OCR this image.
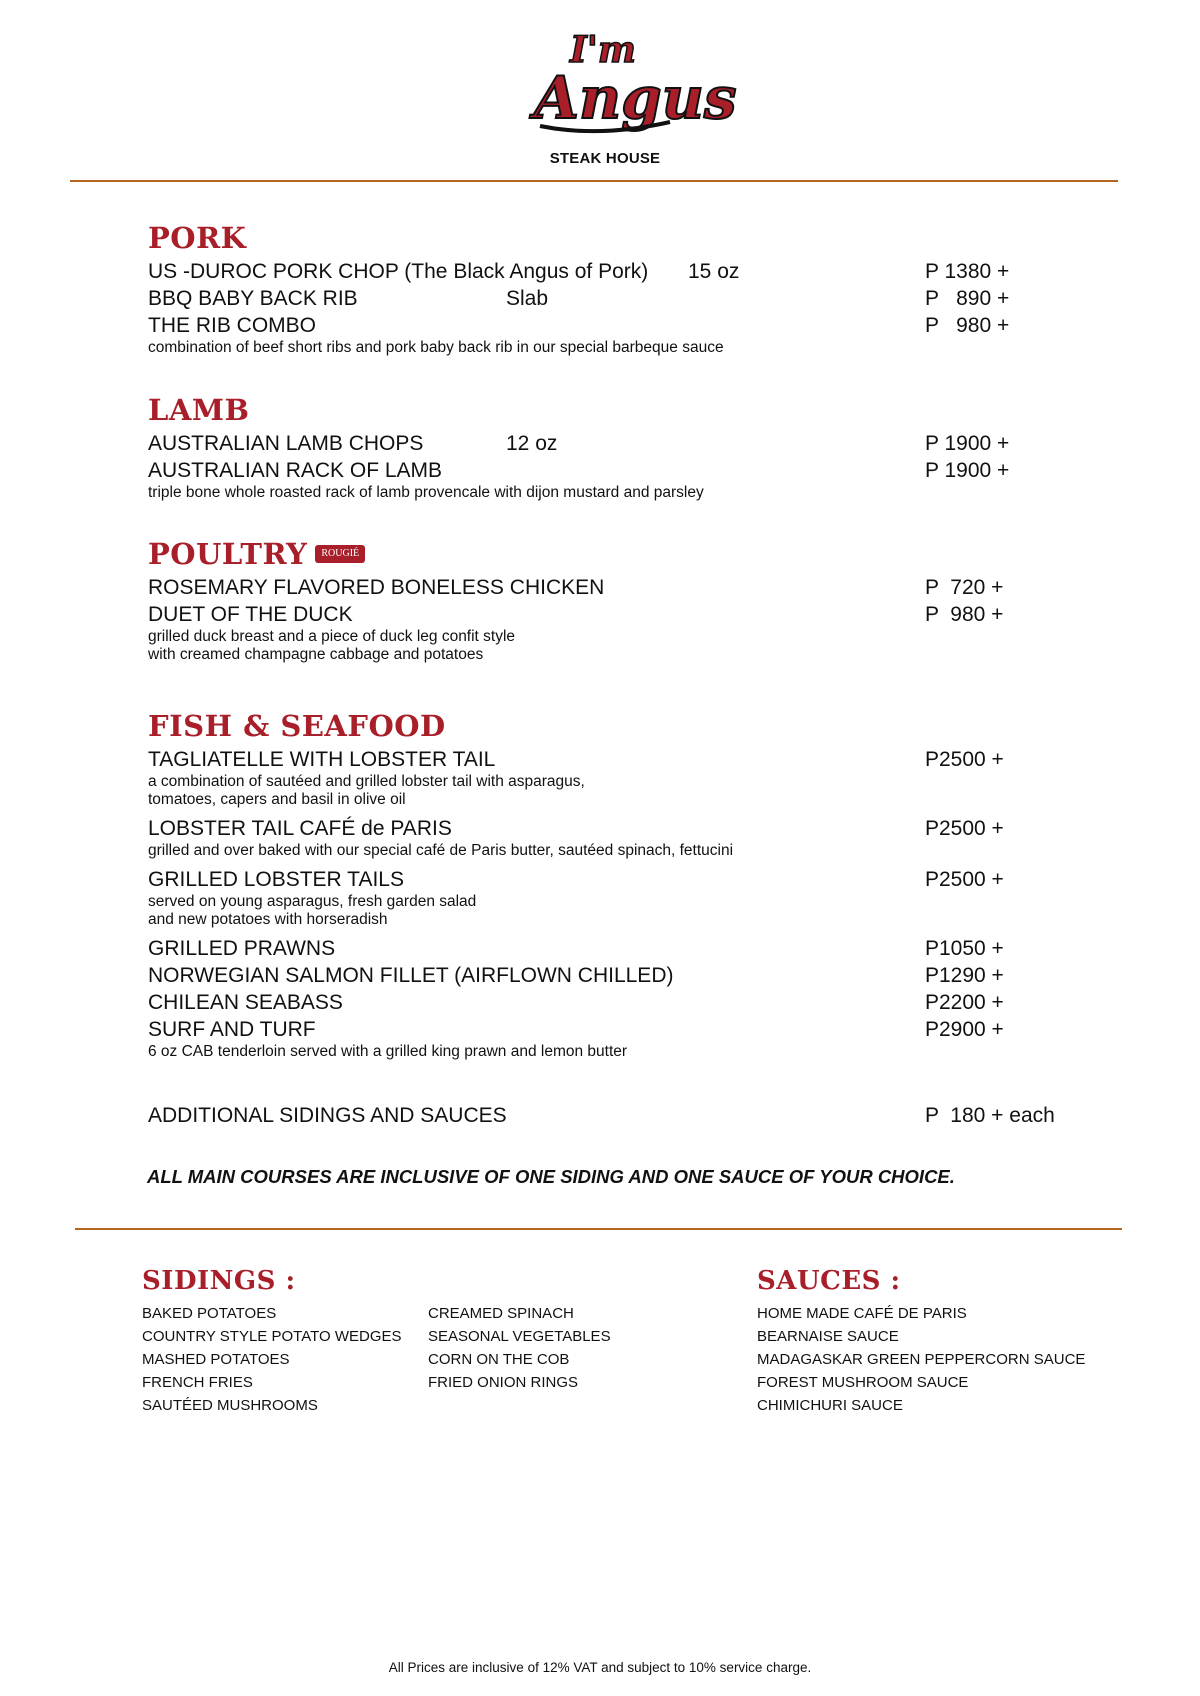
I'm
Angus
STEAK HOUSE
PORK
US -DUROC PORK CHOP (The Black Angus of Pork) 15 oz	P 1380 +
BBQ BABY BACK RIB	Slab	P   890 +
THE RIB COMBO	P   980 +
combination of beef short ribs and pork baby back rib in our special barbeque sauce
LAMB
AUSTRALIAN LAMB CHOPS	12 oz	P 1900 +
AUSTRALIAN RACK OF LAMB	P 1900 +
triple bone whole roasted rack of lamb provencale with dijon mustard and parsley
POULTRY	ROUGIÉ
ROSEMARY FLAVORED BONELESS CHICKEN	P  720 +
DUET OF THE DUCK	P  980 +
grilled duck breast and a piece of duck leg confit style
with creamed champagne cabbage and potatoes
FISH & SEAFOOD
TAGLIATELLE WITH LOBSTER TAIL	P2500 +
a combination of sautéed and grilled lobster tail with asparagus,
tomatoes, capers and basil in olive oil
LOBSTER TAIL CAFÉ de PARIS	P2500 +
grilled and over baked with our special café de Paris butter, sautéed spinach, fettucini
GRILLED LOBSTER TAILS	P2500 +
served on young asparagus, fresh garden salad
and new potatoes with horseradish
GRILLED PRAWNS	P1050 +
NORWEGIAN SALMON FILLET (AIRFLOWN CHILLED)	P1290 +
CHILEAN SEABASS	P2200 +
SURF AND TURF	P2900 +
6 oz CAB tenderloin served with a grilled king prawn and lemon butter
ADDITIONAL SIDINGS AND SAUCES	P  180 + each
ALL MAIN COURSES ARE INCLUSIVE OF ONE SIDING AND ONE SAUCE OF YOUR CHOICE.
SIDINGS :
BAKED POTATOES
COUNTRY STYLE POTATO WEDGES
MASHED POTATOES
FRENCH FRIES
SAUTÉED MUSHROOMS
CREAMED SPINACH
SEASONAL VEGETABLES
CORN ON THE COB
FRIED ONION RINGS
SAUCES :
HOME MADE CAFÉ DE PARIS
BEARNAISE SAUCE
MADAGASKAR GREEN PEPPERCORN SAUCE
FOREST MUSHROOM SAUCE
CHIMICHURI SAUCE
All Prices are inclusive of 12% VAT and subject to 10% service charge.
